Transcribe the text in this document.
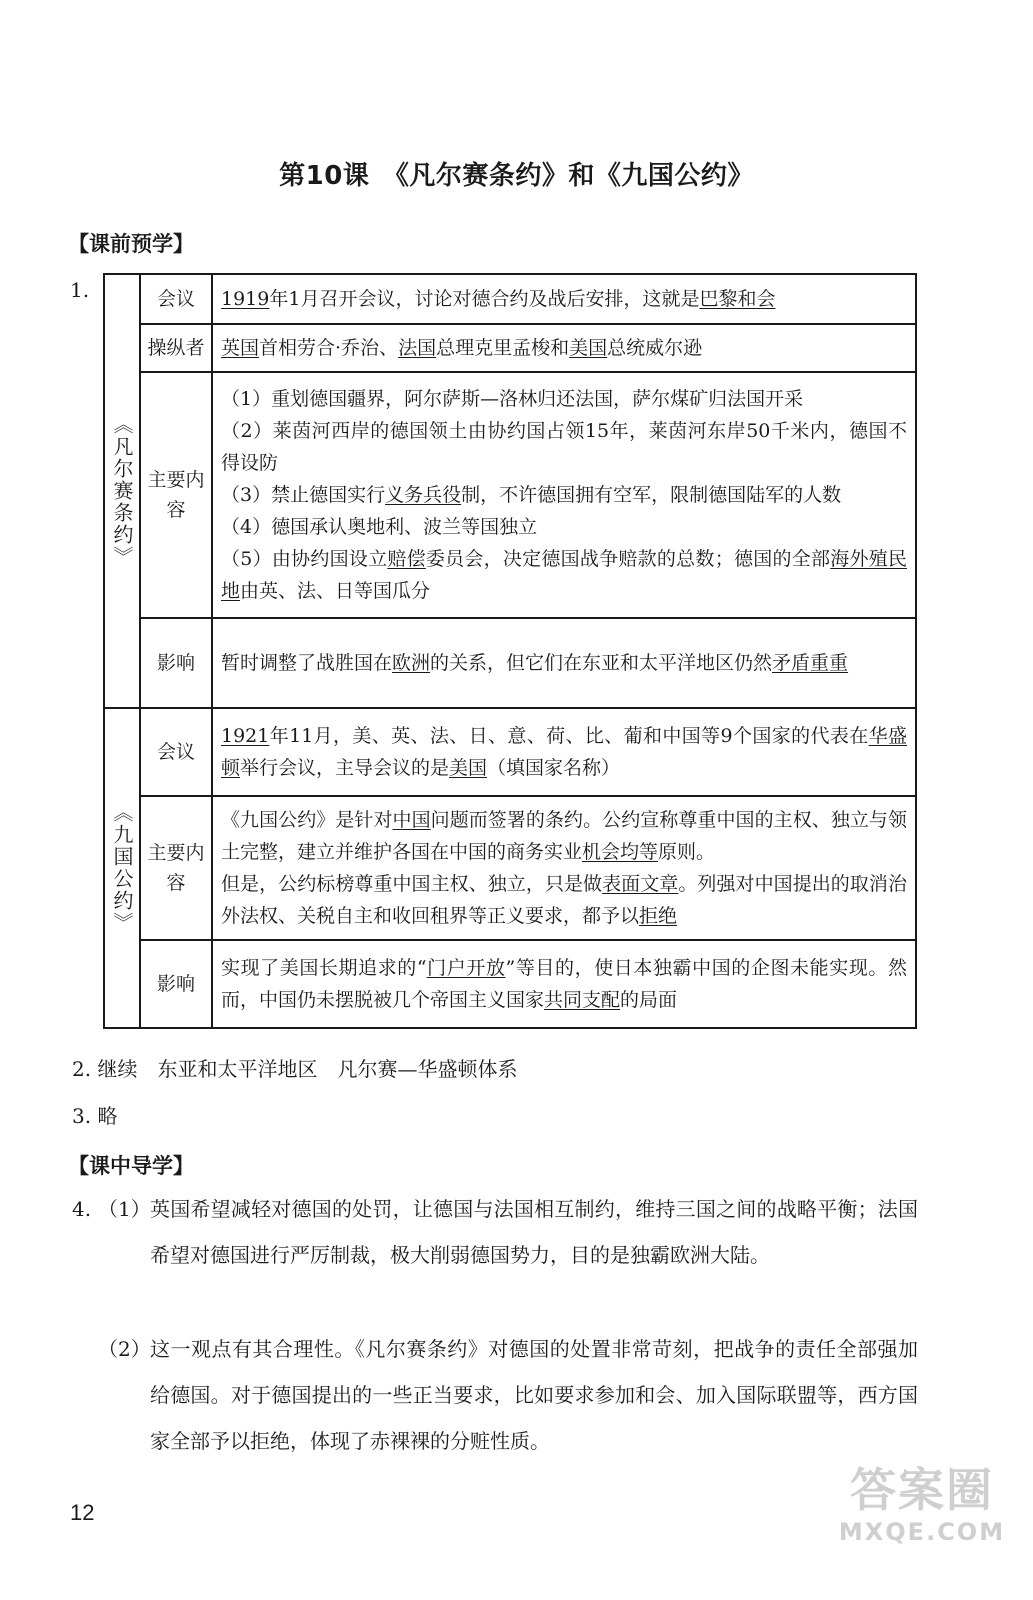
第10课　《凡尔赛条约》和《九国公约》
【课前预学】
1.
《凡尔赛条约》	会议	1919年1月召开会议，讨论对德合约及战后安排，这就是巴黎和会
	操纵者	英国首相劳合·乔治、法国总理克里孟梭和美国总统威尔逊
	主要内容	（1）重划德国疆界，阿尔萨斯—洛林归还法国，萨尔煤矿归法国开采
（2）莱茵河西岸的德国领土由协约国占领15年，莱茵河东岸50千米内，德国不得设防
（3）禁止德国实行义务兵役制，不许德国拥有空军，限制德国陆军的人数
（4）德国承认奥地利、波兰等国独立
（5）由协约国设立赔偿委员会，决定德国战争赔款的总数；德国的全部海外殖民地由英、法、日等国瓜分

	影响	暂时调整了战胜国在欧洲的关系，但它们在东亚和太平洋地区仍然矛盾重重
《九国公约》	会议	1921年11月，美、英、法、日、意、荷、比、葡和中国等9个国家的代表在华盛顿举行会议，主导会议的是美国（填国家名称）
	主要内容	《九国公约》是针对中国问题而签署的条约。公约宣称尊重中国的主权、独立与领土完整，建立并维护各国在中国的商务实业机会均等原则。
但是，公约标榜尊重中国主权、独立，只是做表面文章。列强对中国提出的取消治外法权、关税自主和收回租界等正义要求，都予以拒绝

	影响	实现了美国长期追求的“门户开放”等目的，使日本独霸中国的企图未能实现。然而，中国仍未摆脱被几个帝国主义国家共同支配的局面
2. 继续　东亚和太平洋地区　凡尔赛—华盛顿体系
3. 略
【课中导学】
4. （1） 英国希望减轻对德国的处罚，让德国与法国相互制约，维持三国之间的战略平衡；法国希望对德国进行严厉制裁，极大削弱德国势力，目的是独霸欧洲大陆。
（2） 这一观点有其合理性。《凡尔赛条约》对德国的处置非常苛刻，把战争的责任全部强加给德国。对于德国提出的一些正当要求，比如要求参加和会、加入国际联盟等，西方国家全部予以拒绝，体现了赤裸裸的分赃性质。
12	答案圈
MXQE.COM
